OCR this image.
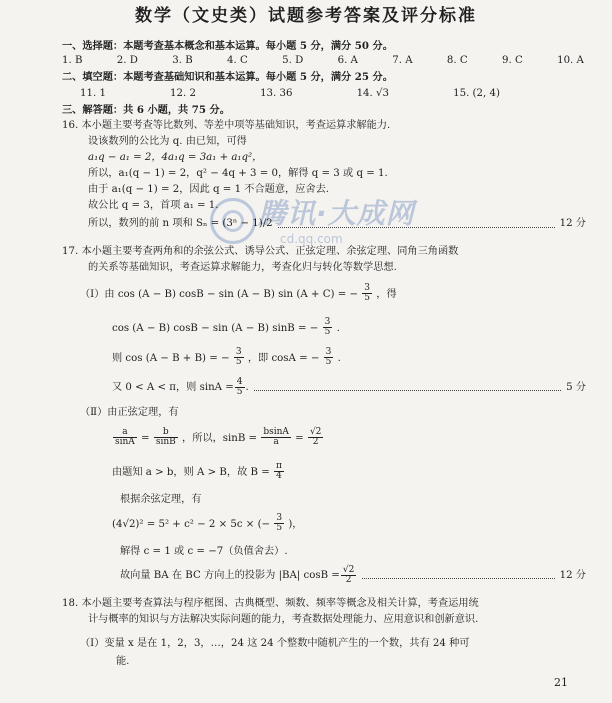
腾讯·大成网
cd.qq.com
数学（文史类）试题参考答案及评分标准
一、选择题：本题考查基本概念和基本运算。每小题 5 分，满分 50 分。
1. B	2. D	3. B	4. C	5. D	6. A	7. A	8. C	9. C	10. A
二、填空题：本题考查基础知识和基本运算。每小题 5 分，满分 25 分。
11. 1	12. 2	13. 36	14. √3	15. (2, 4)
三、解答题：共 6 小题，共 75 分。
16. 本小题主要考查等比数列、等差中项等基础知识，考查运算求解能力.
设该数列的公比为 q. 由已知，可得
a₁q − a₁ = 2，4a₁q = 3a₁ + a₁q²，
所以，a₁(q − 1) = 2，q² − 4q + 3 = 0，解得 q = 3 或 q = 1.
由于 a₁(q − 1) = 2，因此 q = 1 不合题意，应舍去.
故公比 q = 3，首项 a₁ = 1.
所以，数列的前 n 项和 Sₙ = (3ⁿ − 1)/2	12 分
17. 本小题主要考查两角和的余弦公式、诱导公式、正弦定理、余弦定理、同角三角函数
的关系等基础知识，考查运算求解能力，考查化归与转化等数学思想.
（Ⅰ）由 cos (A − B) cosB − sin (A − B) sin (A + C) = − $\frac{3}{5}$ ，得
cos (A − B) cosB − sin (A − B) sinB = − $\frac{3}{5}$ .
则 cos (A − B + B) = − $\frac{3}{5}$ ，即 cosA = − $\frac{3}{5}$ .
又 0 < A < π，则 $\sin A = \frac{4}{5}$ .	5 分
（Ⅱ）由正弦定理，有
$\frac{a}{\sin A} = \frac{b}{\sin B}$ ，所以，$\sin B = \frac{bsinA}{a} = \frac{√2}{2}$
由题知 a > b，则 A > B，故 $B = \frac{\pi}{4}$
根据余弦定理，有
(4√2)² = 5² + c² − 2 × 5c × (− $\frac{3}{5}$ )，
解得 c = 1 或 c = −7（负值舍去）.
故向量 BA 在 BC 方向上的投影为 |BA| $\cos B = \frac{√2}{2}$	12 分
18. 本小题主要考查算法与程序框图、古典概型、频数、频率等概念及相关计算，考查运用统
计与概率的知识与方法解决实际问题的能力，考查数据处理能力、应用意识和创新意识.
（Ⅰ）变量 x 是在 1，2，3，…，24 这 24 个整数中随机产生的一个数，共有 24 种可
能.
21
